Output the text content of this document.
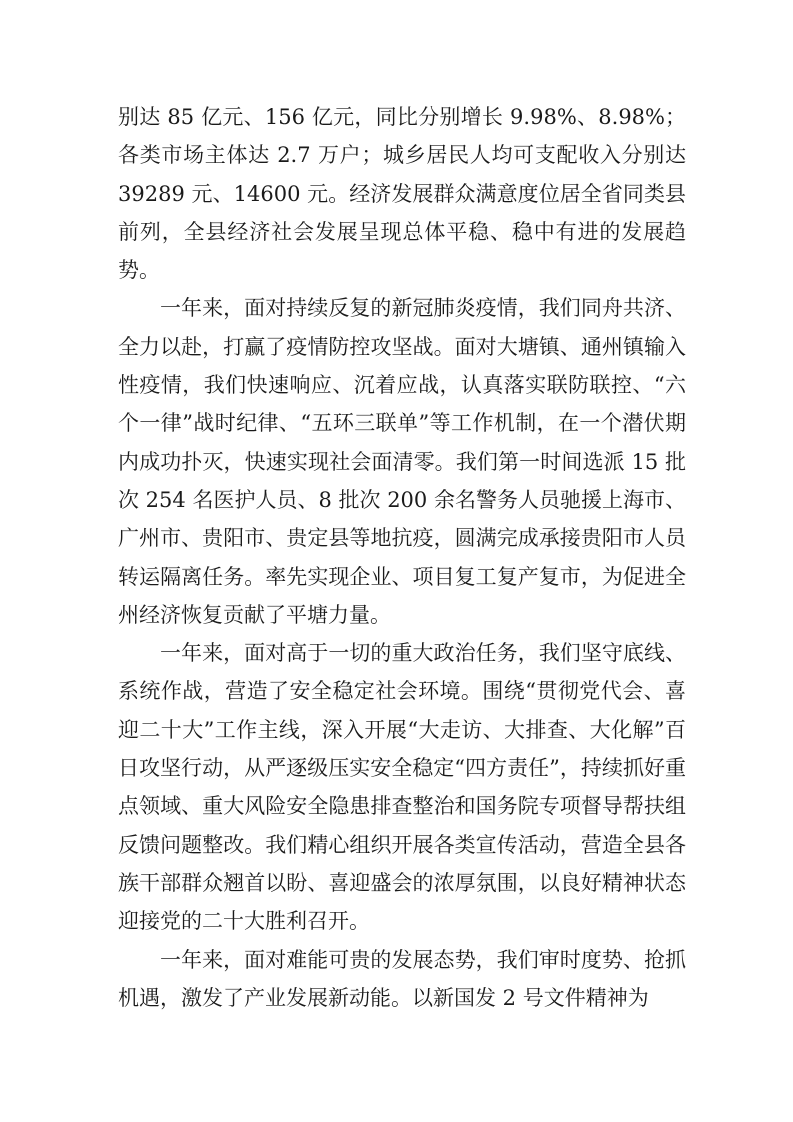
别达 85 亿元、156 亿元，同比分别增长 9.98%、8.98%；各类市场主体达 2.7 万户；城乡居民人均可支配收入分别达 39289 元、14600 元。经济发展群众满意度位居全省同类县前列，全县经济社会发展呈现总体平稳、稳中有进的发展趋势。

一年来，面对持续反复的新冠肺炎疫情，我们同舟共济、全力以赴，打赢了疫情防控攻坚战。面对大塘镇、通州镇输入性疫情，我们快速响应、沉着应战，认真落实联防联控、“六个一律”战时纪律、“五环三联单”等工作机制，在一个潜伏期内成功扑灭，快速实现社会面清零。我们第一时间选派 15 批次 254 名医护人员、8 批次 200 余名警务人员驰援上海市、广州市、贵阳市、贵定县等地抗疫，圆满完成承接贵阳市人员转运隔离任务。率先实现企业、项目复工复产复市，为促进全州经济恢复贡献了平塘力量。

一年来，面对高于一切的重大政治任务，我们坚守底线、系统作战，营造了安全稳定社会环境。围绕“贯彻党代会、喜迎二十大”工作主线，深入开展“大走访、大排查、大化解”百日攻坚行动，从严逐级压实安全稳定“四方责任”，持续抓好重点领域、重大风险安全隐患排查整治和国务院专项督导帮扶组反馈问题整改。我们精心组织开展各类宣传活动，营造全县各族干部群众翘首以盼、喜迎盛会的浓厚氛围，以良好精神状态迎接党的二十大胜利召开。

一年来，面对难能可贵的发展态势，我们审时度势、抢抓机遇，激发了产业发展新动能。以新国发 2 号文件精神为
